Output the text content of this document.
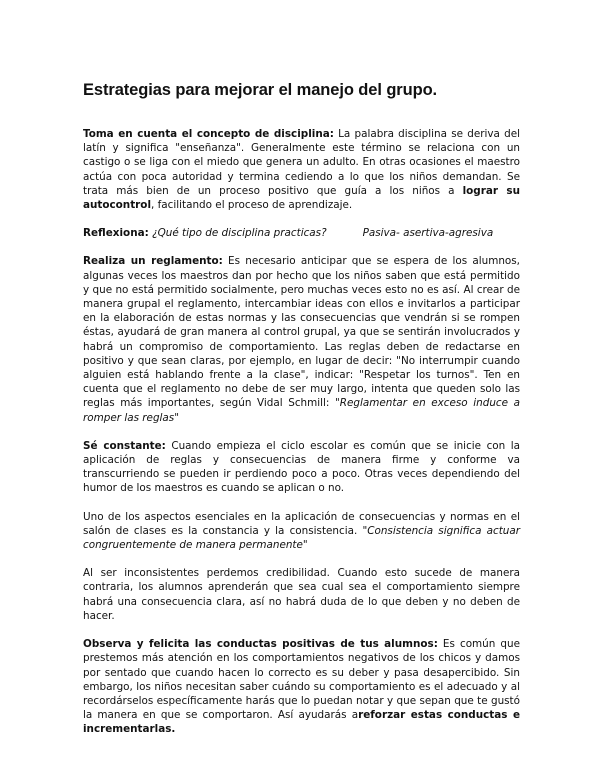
Estrategias para mejorar el manejo del grupo.

Toma en cuenta el concepto de disciplina: La palabra disciplina se deriva del latín y significa "enseñanza". Generalmente este término se relaciona con un castigo o se liga con el miedo que genera un adulto. En otras ocasiones el maestro actúa con poca autoridad y termina cediendo a lo que los niños demandan. Se trata más bien de un proceso positivo que guía a los niños a lograr su autocontrol, facilitando el proceso de aprendizaje.

Reflexiona: ¿Qué tipo de disciplina practicas?	Pasiva- asertiva-agresiva

Realiza un reglamento: Es necesario anticipar que se espera de los alumnos, algunas veces los maestros dan por hecho que los niños saben que está permitido y que no está permitido socialmente, pero muchas veces esto no es así. Al crear de manera grupal el reglamento, intercambiar ideas con ellos e invitarlos a participar en la elaboración de estas normas y las consecuencias que vendrán si se rompen éstas, ayudará de gran manera al control grupal, ya que se sentirán involucrados y habrá un compromiso de comportamiento. Las reglas deben de redactarse en positivo y que sean claras, por ejemplo, en lugar de decir: "No interrumpir cuando alguien está hablando frente a la clase", indicar: "Respetar los turnos". Ten en cuenta que el reglamento no debe de ser muy largo, intenta que queden solo las reglas más importantes, según Vidal Schmill: "Reglamentar en exceso induce a romper las reglas"

Sé constante: Cuando empieza el ciclo escolar es común que se inicie con la aplicación de reglas y consecuencias de manera firme y conforme va transcurriendo se pueden ir perdiendo poco a poco. Otras veces dependiendo del humor de los maestros es cuando se aplican o no.

Uno de los aspectos esenciales en la aplicación de consecuencias y normas en el salón de clases es la constancia y la consistencia. "Consistencia significa actuar congruentemente de manera permanente"

Al ser inconsistentes perdemos credibilidad. Cuando esto sucede de manera contraria, los alumnos aprenderán que sea cual sea el comportamiento siempre habrá una consecuencia clara, así no habrá duda de lo que deben y no deben de hacer.

Observa y felicita las conductas positivas de tus alumnos: Es común que prestemos más atención en los comportamientos negativos de los chicos y damos por sentado que cuando hacen lo correcto es su deber y pasa desapercibido. Sin embargo, los niños necesitan saber cuándo su comportamiento es el adecuado y al recordárselos específicamente harás que lo puedan notar y que sepan que te gustó la manera en que se comportaron. Así ayudarás areforzar estas conductas e incrementarlas.
